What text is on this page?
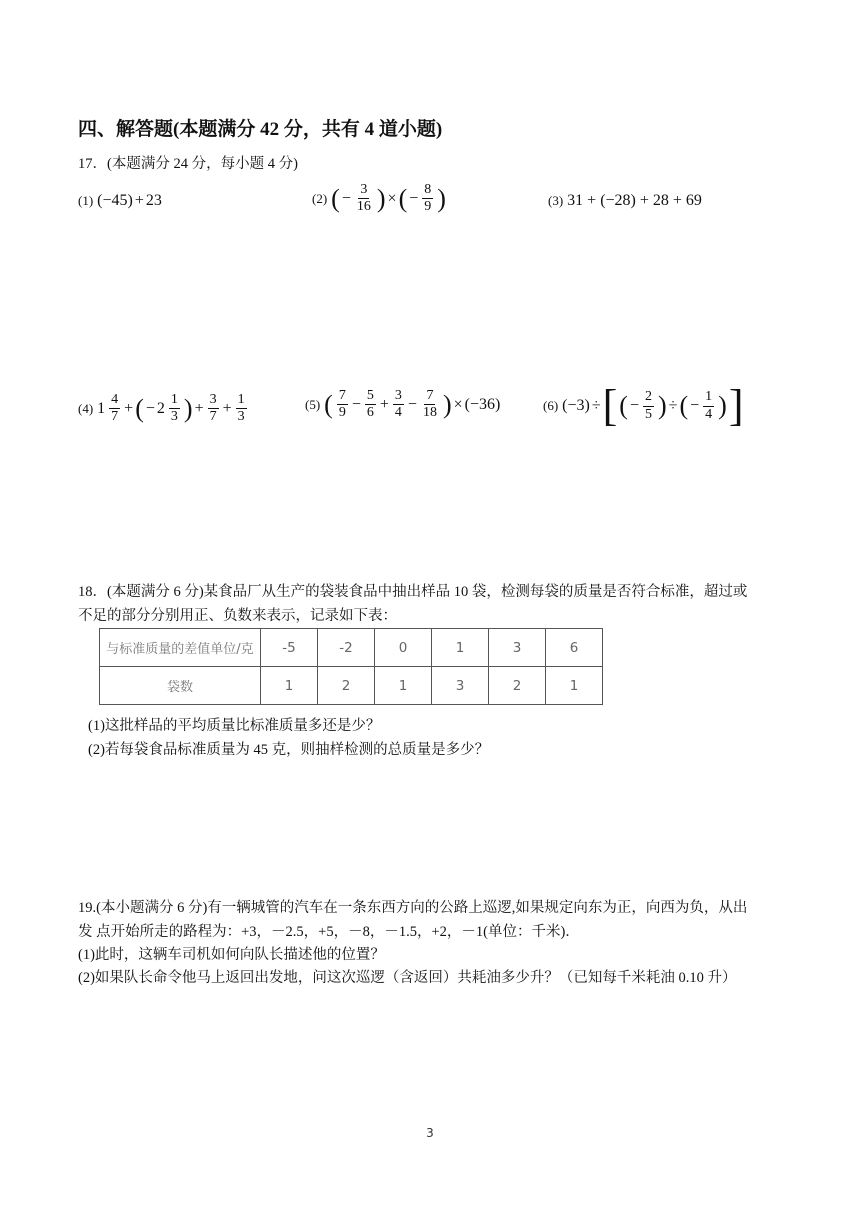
四、解答题(本题满分 42 分，共有 4 道小题)
17．(本题满分 24 分，每小题 4 分)
(1) (−45) + 23	(2) ( − $\frac{3}{16}$ ) × ( − $\frac{8}{9}$ )	(3) 31 + (−28) + 28 + 69
(4) $1 \frac{4}{7}$ + ( − $2 \frac{1}{3}$ ) + $\frac{3}{7} + \frac{1}{3}$	(5) ( $\frac{7}{9} - \frac{5}{6} + \frac{3}{4} - \frac{7}{18}$ ) × (−36)	(6) (−3) ÷ [ ( − $\frac{2}{5}$ ) ÷ ( − $\frac{1}{4}$ ) ]
18．(本题满分 6 分)某食品厂从生产的袋装食品中抽出样品 10 袋，检测每袋的质量是否符合标准，超过或
不足的部分分别用正、负数来表示，记录如下表：
与标准质量的差值单位/克	-5	-2	0	1	3	6
袋数	1	2	1	3	2	1
(1)这批样品的平均质量比标准质量多还是少？
(2)若每袋食品标准质量为 45 克，则抽样检测的总质量是多少？
19.(本小题满分 6 分)有一辆城管的汽车在一条东西方向的公路上巡逻,如果规定向东为正，向西为负，从出
发 点开始所走的路程为：+3，－2.5，+5，－8，－1.5，+2，－1(单位：千米)．
(1)此时，这辆车司机如何向队长描述他的位置？
(2)如果队长命令他马上返回出发地，问这次巡逻（含返回）共耗油多少升？（已知每千米耗油 0.10 升）
3
